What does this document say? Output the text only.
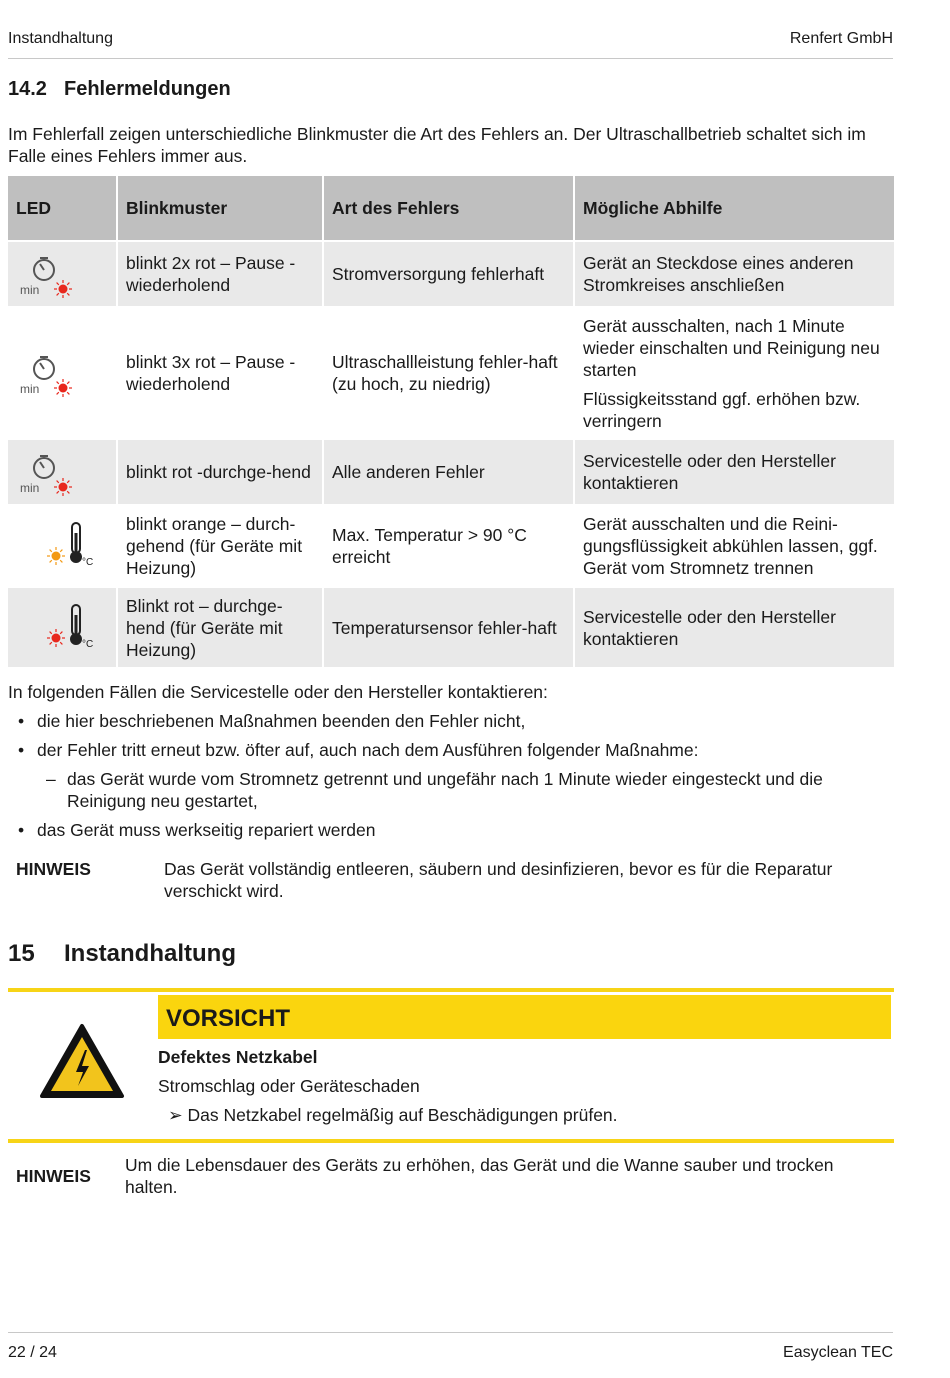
Instandhaltung	Renfert GmbH
14.2 Fehlermeldungen
Im Fehlerfall zeigen unterschiedliche Blinkmuster die Art des Fehlers an. Der Ultraschallbetrieb schaltet sich im Falle eines Fehlers immer aus.
LED	Blinkmuster	Art des Fehlers	Mögliche Abhilfe

min	blinkt 2x rot – Pause - wiederholend	Stromversorgung fehlerhaft	Gerät an Steckdose eines anderen Stromkreises anschließen

min	blinkt 3x rot – Pause - wiederholend	Ultraschallleistung fehler-haft (zu hoch, zu niedrig)	Gerät ausschalten, nach 1 Minute wieder einschalten und Reinigung neu starten

Flüssigkeitsstand ggf. erhöhen bzw. verringern

min	blinkt rot -durchge-hend	Alle anderen Fehler	Servicestelle oder den Hersteller kontaktieren

°C	blinkt orange – durch-gehend (für Geräte mit Heizung)	Max. Temperatur > 90 °C erreicht	Gerät ausschalten und die Reini-gungsflüssigkeit abkühlen lassen, ggf. Gerät vom Stromnetz trennen

°C	Blinkt rot – durchge-hend (für Geräte mit Heizung)	Temperatursensor fehler-haft	Servicestelle oder den Hersteller kontaktieren

In folgenden Fällen die Servicestelle oder den Hersteller kontaktieren:

• die hier beschriebenen Maßnahmen beenden den Fehler nicht,
• der Fehler tritt erneut bzw. öfter auf, auch nach dem Ausführen folgender Maßnahme:
– das Gerät wurde vom Stromnetz getrennt und ungefähr nach 1 Minute wieder eingesteckt und die Reinigung neu gestartet,
• das Gerät muss werkseitig repariert werden
HINWEIS	Das Gerät vollständig entleeren, säubern und desinfizieren, bevor es für die Reparatur verschickt wird.
15 Instandhaltung
VORSICHT
Defektes Netzkabel
Stromschlag oder Geräteschaden
➢ Das Netzkabel regelmäßig auf Beschädigungen prüfen.
HINWEIS
Um die Lebensdauer des Geräts zu erhöhen, das Gerät und die Wanne sauber und trocken halten.
22 / 24	Easyclean TEC
